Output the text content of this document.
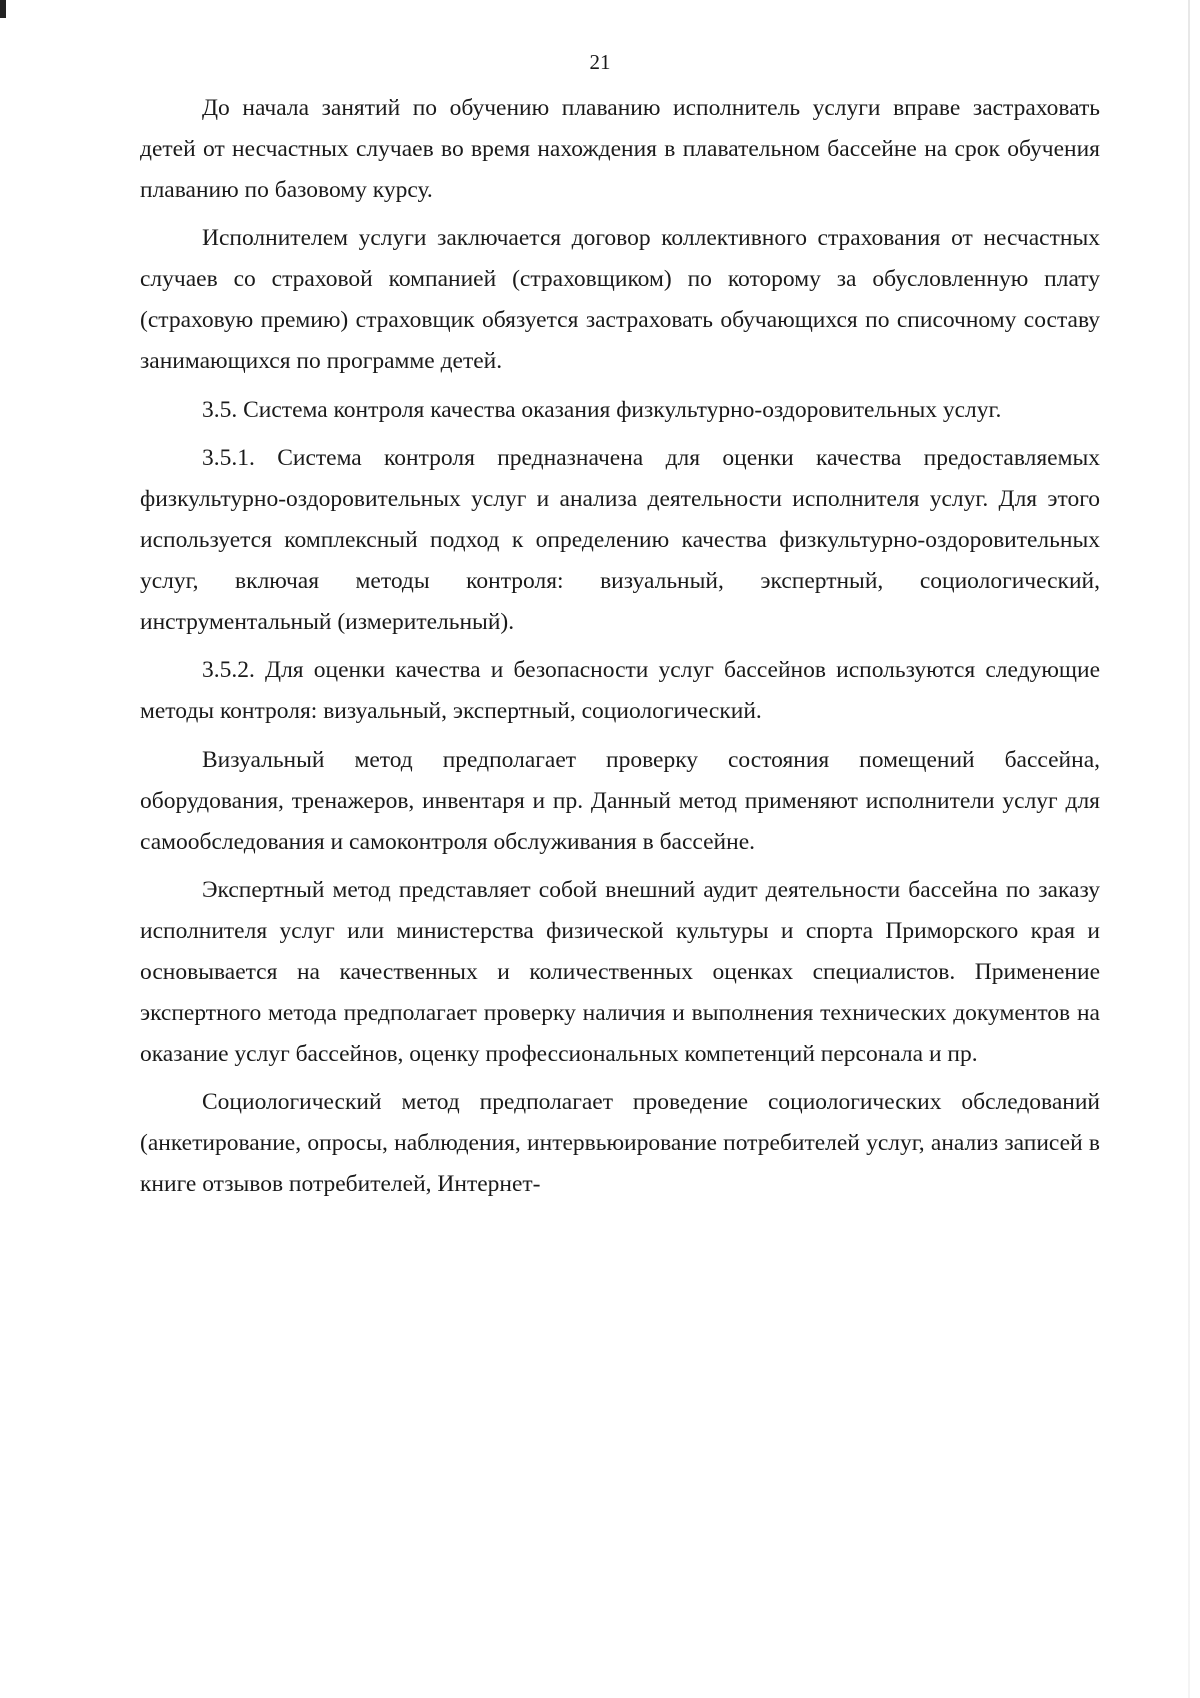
21

До начала занятий по обучению плаванию исполнитель услуги вправе застраховать детей от несчастных случаев во время нахождения в плавательном бассейне на срок обучения плаванию по базовому курсу.

Исполнителем услуги заключается договор коллективного страхования от несчастных случаев со страховой компанией (страховщиком) по которому за обусловленную плату (страховую премию) страховщик обязуется застраховать обучающихся по списочному составу занимающихся по программе детей.

3.5. Система контроля качества оказания физкультурно-оздоровительных услуг.

3.5.1. Система контроля предназначена для оценки качества предоставляемых физкультурно-оздоровительных услуг и анализа деятельности исполнителя услуг. Для этого используется комплексный подход к определению качества физкультурно-оздоровительных услуг, включая методы контроля: визуальный, экспертный, социологический, инструментальный (измерительный).

3.5.2. Для оценки качества и безопасности услуг бассейнов используются следующие методы контроля: визуальный, экспертный, социологический.

Визуальный метод предполагает проверку состояния помещений бассейна, оборудования, тренажеров, инвентаря и пр. Данный метод применяют исполнители услуг для самообследования и самоконтроля обслуживания в бассейне.

Экспертный метод представляет собой внешний аудит деятельности бассейна по заказу исполнителя услуг или министерства физической культуры и спорта Приморского края и основывается на качественных и количественных оценках специалистов. Применение экспертного метода предполагает проверку наличия и выполнения технических документов на оказание услуг бассейнов, оценку профессиональных компетенций персонала и пр.

Социологический метод предполагает проведение социологических обследований (анкетирование, опросы, наблюдения, интервьюирование потребителей услуг, анализ записей в книге отзывов потребителей, Интернет-
